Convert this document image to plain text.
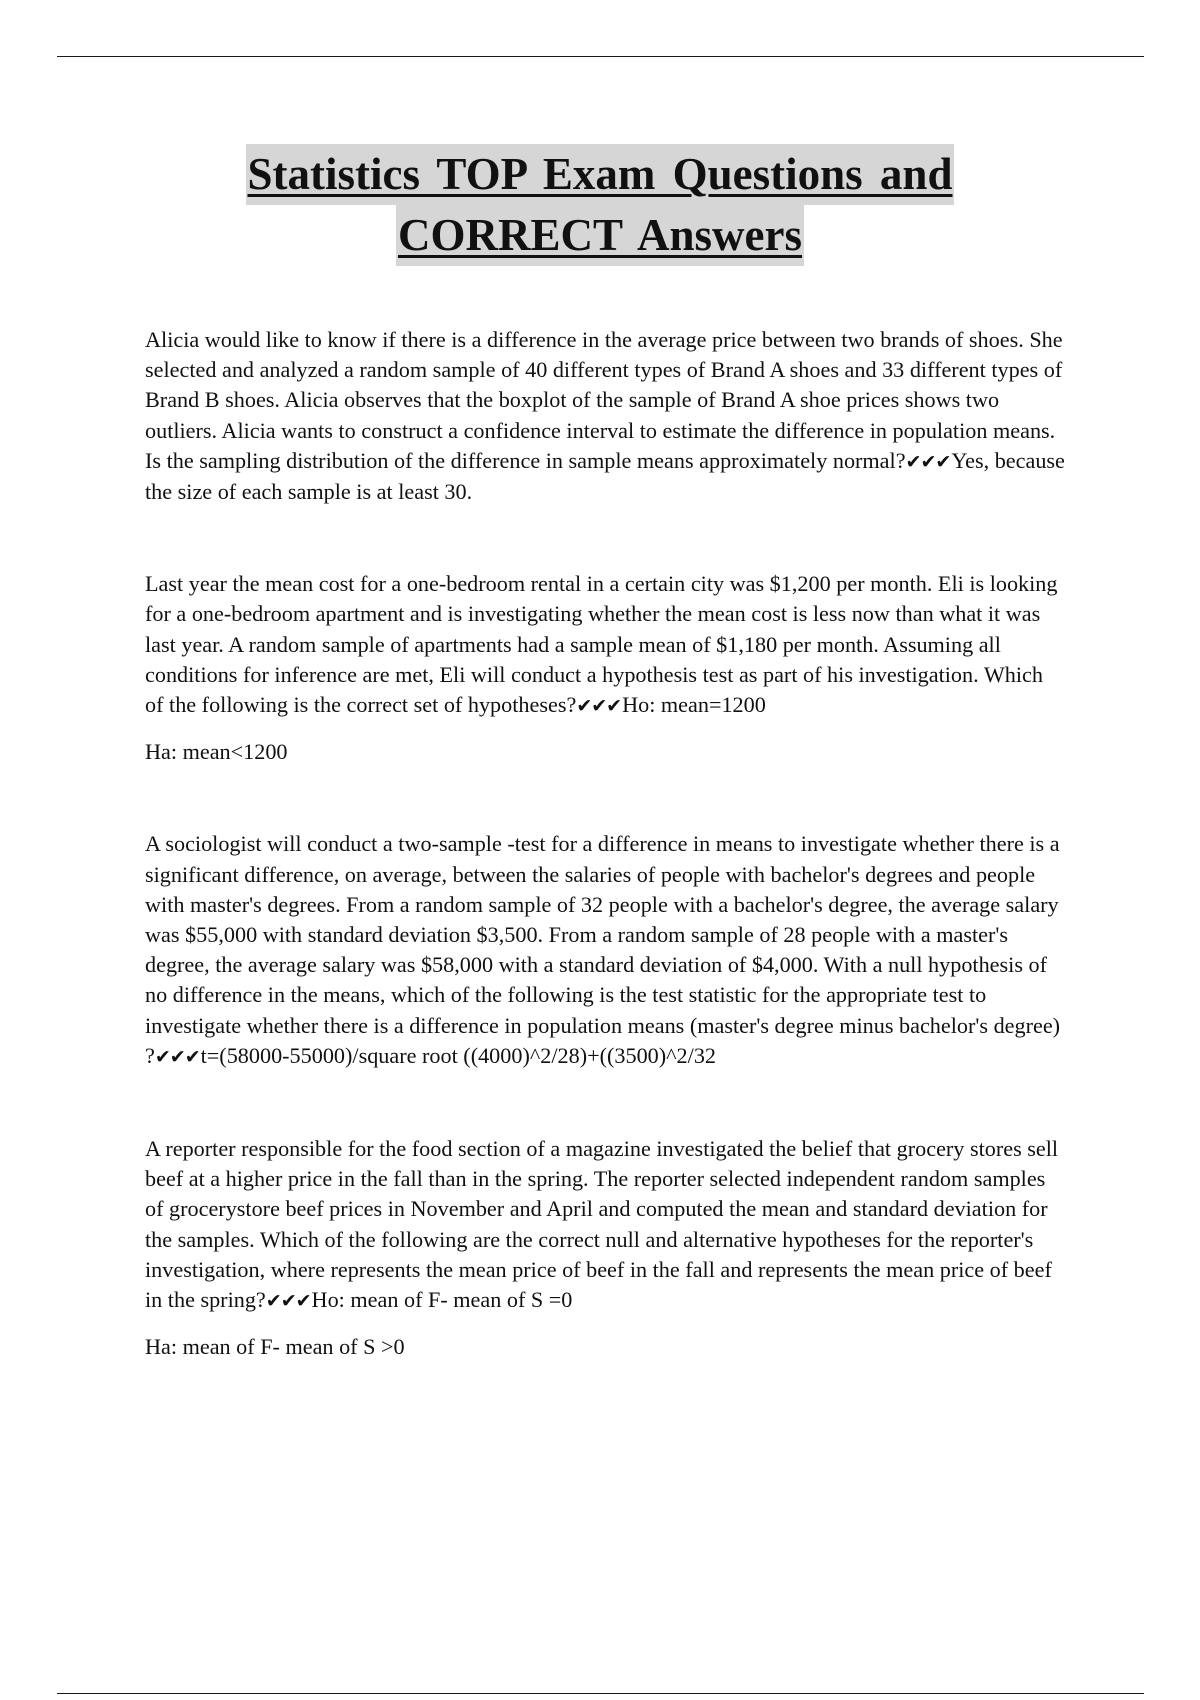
Statistics TOP Exam Questions and
CORRECT Answers

Alicia would like to know if there is a difference in the average price between two brands of shoes. She selected and analyzed a random sample of 40 different types of Brand A shoes and 33 different types of Brand B shoes. Alicia observes that the boxplot of the sample of Brand A shoe prices shows two outliers. Alicia wants to construct a confidence interval to estimate the difference in population means. Is the sampling distribution of the difference in sample means approximately normal?✔✔✔Yes, because the size of each sample is at least 30.

Last year the mean cost for a one-bedroom rental in a certain city was $1,200 per month. Eli is looking for a one-bedroom apartment and is investigating whether the mean cost is less now than what it was last year. A random sample of apartments had a sample mean of $1,180 per month. Assuming all conditions for inference are met, Eli will conduct a hypothesis test as part of his investigation. Which of the following is the correct set of hypotheses?✔✔✔Ho: mean=1200

Ha: mean<1200

A sociologist will conduct a two-sample -test for a difference in means to investigate whether there is a significant difference, on average, between the salaries of people with bachelor's degrees and people with master's degrees. From a random sample of 32 people with a bachelor's degree, the average salary was $55,000 with standard deviation $3,500. From a random sample of 28 people with a master's degree, the average salary was $58,000 with a standard deviation of $4,000. With a null hypothesis of no difference in the means, which of the following is the test statistic for the appropriate test to investigate whether there is a difference in population means (master's degree minus bachelor's degree) ?✔✔✔t=(58000-55000)/square root ((4000)^2/28)+((3500)^2/32

A reporter responsible for the food section of a magazine investigated the belief that grocery stores sell beef at a higher price in the fall than in the spring. The reporter selected independent random samples of grocerystore beef prices in November and April and computed the mean and standard deviation for the samples. Which of the following are the correct null and alternative hypotheses for the reporter's investigation, where represents the mean price of beef in the fall and represents the mean price of beef in the spring?✔✔✔Ho: mean of F- mean of S =0

Ha: mean of F- mean of S >0
